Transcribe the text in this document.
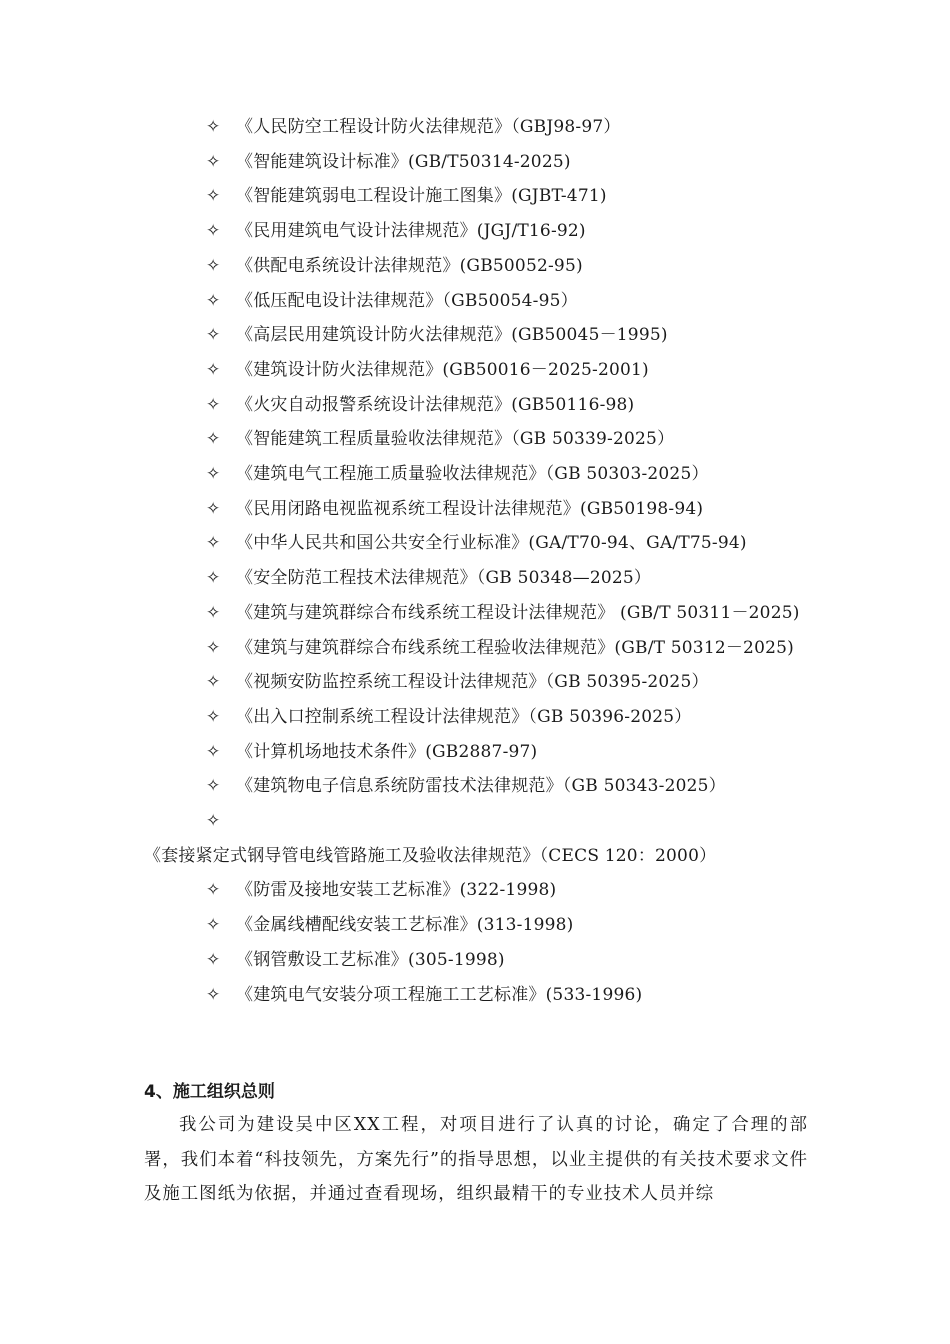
✧ 《人民防空工程设计防火法律规范》（GBJ98-97）
✧ 《智能建筑设计标准》(GB/T50314-2025)
✧ 《智能建筑弱电工程设计施工图集》(GJBT-471)
✧ 《民用建筑电气设计法律规范》(JGJ/T16-92)
✧ 《供配电系统设计法律规范》(GB50052-95)
✧ 《低压配电设计法律规范》（GB50054-95）
✧ 《高层民用建筑设计防火法律规范》(GB50045－1995)
✧ 《建筑设计防火法律规范》(GB50016－2025-2001)
✧ 《火灾自动报警系统设计法律规范》(GB50116-98)
✧ 《智能建筑工程质量验收法律规范》（GB 50339-2025）
✧ 《建筑电气工程施工质量验收法律规范》（GB 50303-2025）
✧ 《民用闭路电视监视系统工程设计法律规范》(GB50198-94)
✧ 《中华人民共和国公共安全行业标准》(GA/T70-94、GA/T75-94)
✧ 《安全防范工程技术法律规范》（GB 50348—2025）
✧ 《建筑与建筑群综合布线系统工程设计法律规范》 (GB/T 50311－2025)
✧ 《建筑与建筑群综合布线系统工程验收法律规范》(GB/T 50312－2025)
✧ 《视频安防监控系统工程设计法律规范》（GB 50395-2025）
✧ 《出入口控制系统工程设计法律规范》（GB 50396-2025）
✧ 《计算机场地技术条件》(GB2887-97)
✧ 《建筑物电子信息系统防雷技术法律规范》（GB 50343-2025）
✧《套接紧定式钢导管电线管路施工及验收法律规范》（CECS 120：2000）
✧ 《防雷及接地安装工艺标准》(322-1998)
✧ 《金属线槽配线安装工艺标准》(313-1998)
✧ 《钢管敷设工艺标准》(305-1998)
✧ 《建筑电气安装分项工程施工工艺标准》(533-1996)
4、施工组织总则

我公司为建设吴中区XX工程，对项目进行了认真的讨论，确定了合理的部署，我们本着“科技领先，方案先行”的指导思想，以业主提供的有关技术要求文件及施工图纸为依据，并通过查看现场，组织最精干的专业技术人员并综
